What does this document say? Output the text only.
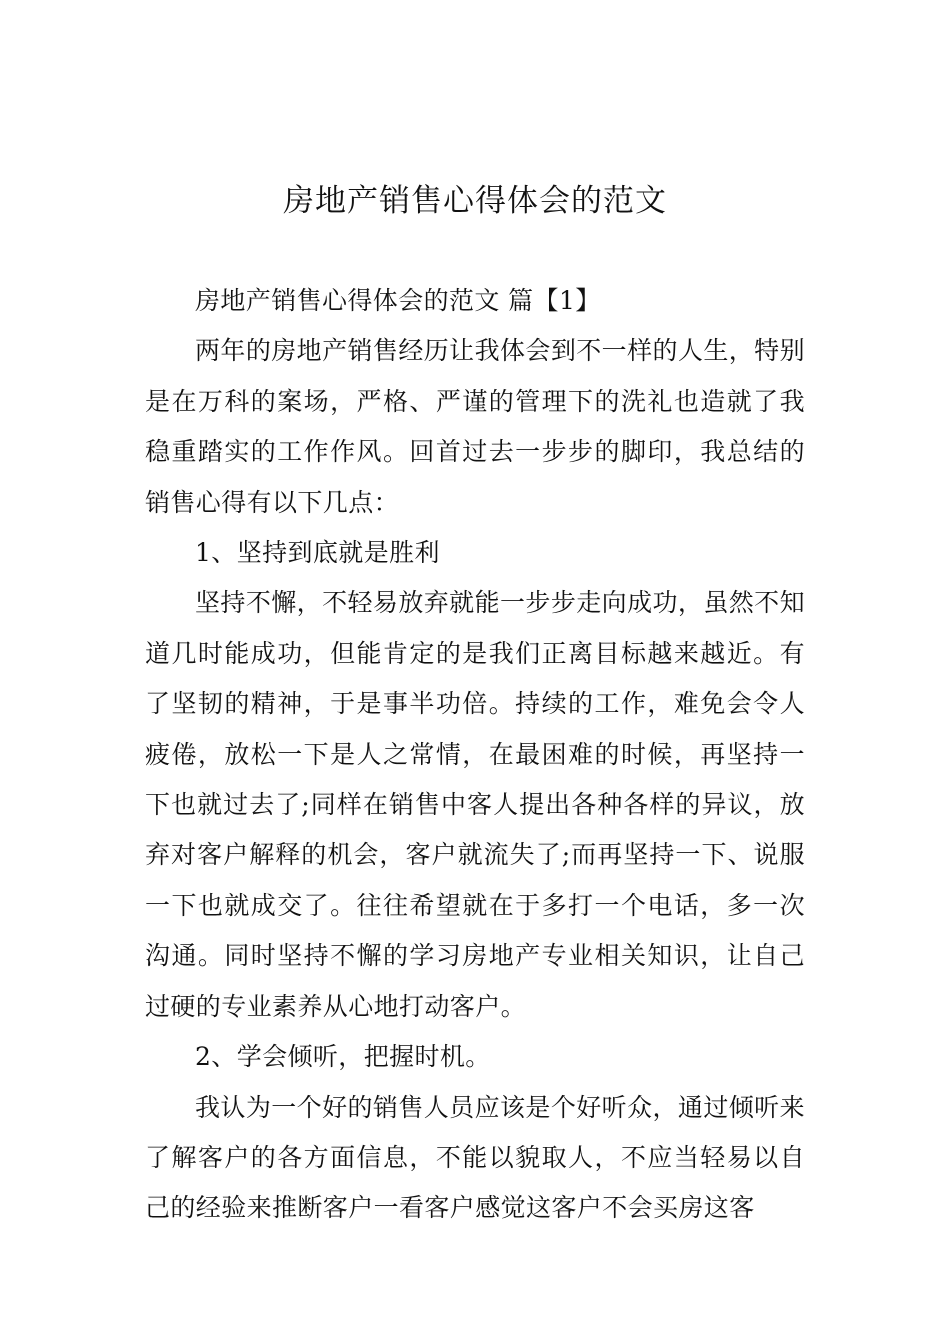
房地产销售心得体会的范文

房地产销售心得体会的范文 篇【1】

两年的房地产销售经历让我体会到不一样的人生，特别是在万科的案场，严格、严谨的管理下的洗礼也造就了我稳重踏实的工作作风。回首过去一步步的脚印，我总结的销售心得有以下几点：

1、坚持到底就是胜利

坚持不懈，不轻易放弃就能一步步走向成功，虽然不知道几时能成功，但能肯定的是我们正离目标越来越近。有了坚韧的精神，于是事半功倍。持续的工作，难免会令人疲倦，放松一下是人之常情，在最困难的时候，再坚持一下也就过去了;同样在销售中客人提出各种各样的异议，放弃对客户解释的机会，客户就流失了;而再坚持一下、说服一下也就成交了。往往希望就在于多打一个电话，多一次沟通。同时坚持不懈的学习房地产专业相关知识，让自己过硬的专业素养从心地打动客户。

2、学会倾听，把握时机。

我认为一个好的销售人员应该是个好听众，通过倾听来了解客户的各方面信息，不能以貌取人，不应当轻易以自己的经验来推断客户一看客户感觉这客户不会买房这客
